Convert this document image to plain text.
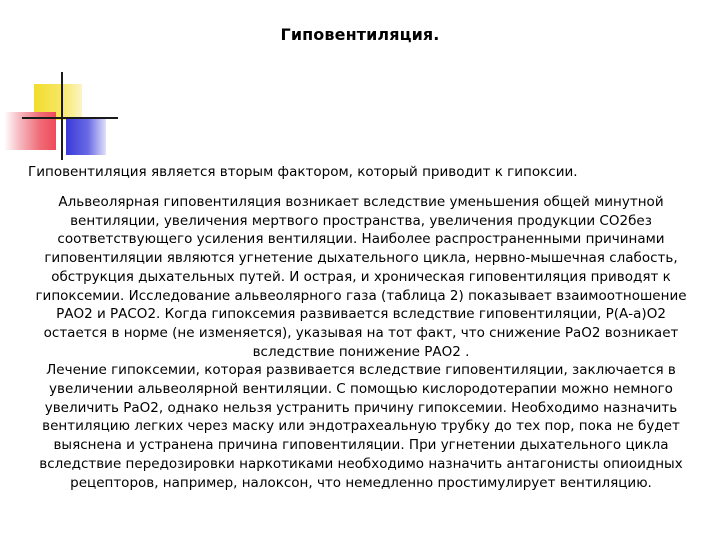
Гиповентиляция.
Гиповентиляция является вторым фактором, который приводит к гипоксии.

Альвеолярная гиповентиляция возникает вследствие уменьшения общей минутной вентиляции, увеличения мертвого пространства, увеличения продукции СО2без соответствующего усиления вентиляции. Наиболее распространенными причинами гиповентиляции являются угнетение дыхательного цикла, нервно-мышечная слабость, обструкция дыхательных путей. И острая, и хроническая гиповентиляция приводят к гипоксемии. Исследование альвеолярного газа (таблица 2) показывает взаимоотношение РАО2 и РАСО2. Когда гипоксемия развивается вследствие гиповентиляции, Р(А-а)О2 остается в норме (не изменяется), указывая на тот факт, что снижение РаО2 возникает вследствие понижение РАО2 .

Лечение гипоксемии, которая развивается вследствие гиповентиляции, заключается в увеличении альвеолярной вентиляции. С помощью кислородотерапии можно немного увеличить РаО2, однако нельзя устранить причину гипоксемии. Необходимо назначить вентиляцию легких через маску или эндотрахеальную трубку до тех пор, пока не будет выяснена и устранена причина гиповентиляции. При угнетении дыхательного цикла вследствие передозировки наркотиками необходимо назначить антагонисты опиоидных рецепторов, например, налоксон, что немедленно простимулирует вентиляцию.
